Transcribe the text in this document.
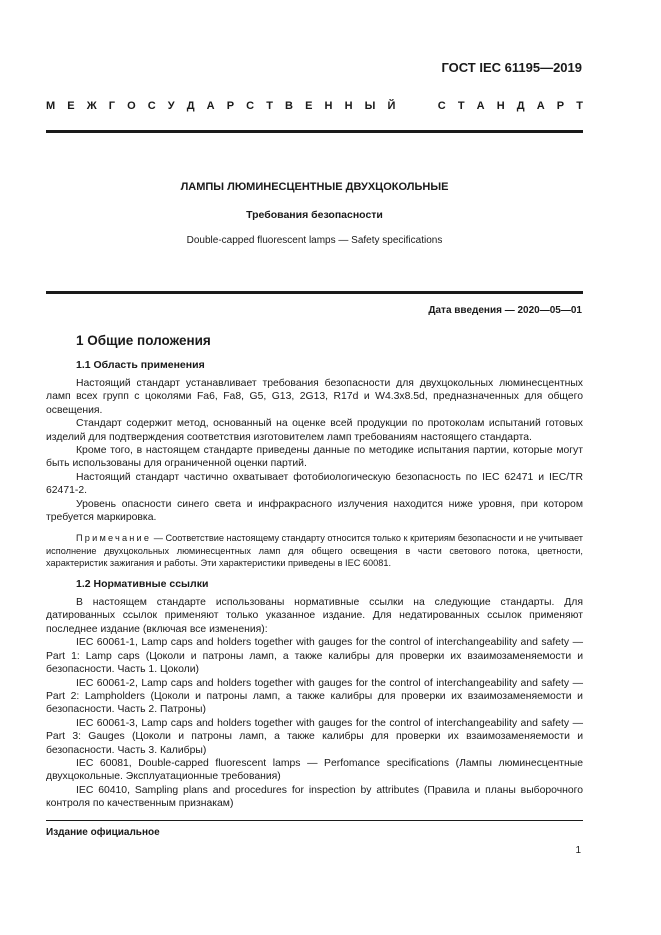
ГОСТ IEC 61195—2019
М Е Ж Г О С У Д А Р С Т В Е Н Н Ы Й

	С Т А Н Д А Р Т
ЛАМПЫ ЛЮМИНЕСЦЕНТНЫЕ ДВУХЦОКОЛЬНЫЕ
Требования безопасности
Double-capped fluorescent lamps — Safety specifications
Дата введения — 2020—05—01
1 Общие положения
1.1 Область применения

Настоящий стандарт устанавливает требования безопасности для двухцокольных люминесцентных ламп всех групп с цоколями Fa6, Fa8, G5, G13, 2G13, R17d и W4.3x8.5d, предназначенных для общего освещения.

Стандарт содержит метод, основанный на оценке всей продукции по протоколам испытаний готовых изделий для подтверждения соответствия изготовителем ламп требованиям настоящего стандарта.

Кроме того, в настоящем стандарте приведены данные по методике испытания партии, которые могут быть использованы для ограниченной оценки партий.

Настоящий стандарт частично охватывает фотобиологическую безопасность по IEC 62471 и IEC/TR 62471-2.

Уровень опасности синего света и инфракрасного излучения находится ниже уровня, при котором требуется маркировка.

Примечание — Соответствие настоящему стандарту относится только к критериям безопасности и не учитывает исполнение двухцокольных люминесцентных ламп для общего освещения в части светового потока, цветности, характеристик зажигания и работы. Эти характеристики приведены в IEC 60081.
1.2 Нормативные ссылки

В настоящем стандарте использованы нормативные ссылки на следующие стандарты. Для датированных ссылок применяют только указанное издание. Для недатированных ссылок применяют последнее издание (включая все изменения):

IEC 60061-1, Lamp caps and holders together with gauges for the control of interchangeability and safety — Part 1: Lamp caps (Цоколи и патроны ламп, а также калибры для проверки их взаимозаменяемости и безопасности. Часть 1. Цоколи)

IEC 60061-2, Lamp caps and holders together with gauges for the control of interchangeability and safety — Part 2: Lampholders (Цоколи и патроны ламп, а также калибры для проверки их взаимозаменяемости и безопасности. Часть 2. Патроны)

IEC 60061-3, Lamp caps and holders together with gauges for the control of interchangeability and safety — Part 3: Gauges (Цоколи и патроны ламп, а также калибры для проверки их взаимозаменяемости и безопасности. Часть 3. Калибры)

IEC 60081, Double-capped fluorescent lamps — Perfomance specifications (Лампы люминесцентные двухцокольные. Эксплуатационные требования)

IEC 60410, Sampling plans and procedures for inspection by attributes (Правила и планы выборочного контроля по качественным признакам)

Издание официальное
1
